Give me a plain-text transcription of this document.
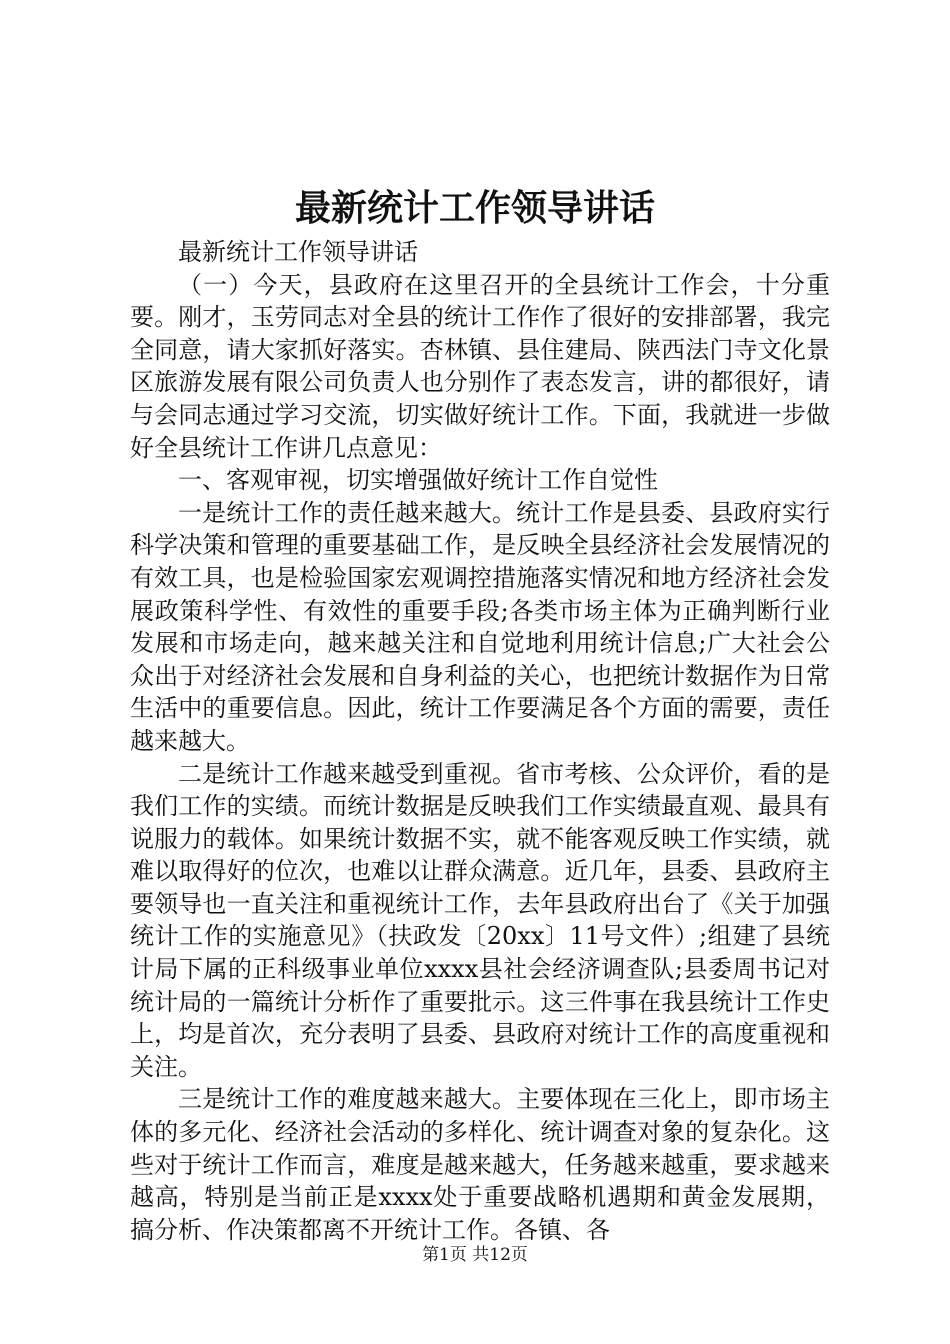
最新统计工作领导讲话

最新统计工作领导讲话

（一）今天，县政府在这里召开的全县统计工作会，十分重要。刚才，玉劳同志对全县的统计工作作了很好的安排部署，我完全同意，请大家抓好落实。杏林镇、县住建局、陕西法门寺文化景区旅游发展有限公司负责人也分别作了表态发言，讲的都很好，请与会同志通过学习交流，切实做好统计工作。下面，我就进一步做好全县统计工作讲几点意见：

一、客观审视，切实增强做好统计工作自觉性

一是统计工作的责任越来越大。统计工作是县委、县政府实行科学决策和管理的重要基础工作，是反映全县经济社会发展情况的有效工具，也是检验国家宏观调控措施落实情况和地方经济社会发展政策科学性、有效性的重要手段;各类市场主体为正确判断行业发展和市场走向，越来越关注和自觉地利用统计信息;广大社会公众出于对经济社会发展和自身利益的关心，也把统计数据作为日常生活中的重要信息。因此，统计工作要满足各个方面的需要，责任越来越大。

二是统计工作越来越受到重视。省市考核、公众评价，看的是我们工作的实绩。而统计数据是反映我们工作实绩最直观、最具有说服力的载体。如果统计数据不实，就不能客观反映工作实绩，就难以取得好的位次，也难以让群众满意。近几年，县委、县政府主要领导也一直关注和重视统计工作，去年县政府出台了《关于加强统计工作的实施意见》（扶政发〔20xx〕11号文件）;组建了县统计局下属的正科级事业单位xxxx县社会经济调查队;县委周书记对统计局的一篇统计分析作了重要批示。这三件事在我县统计工作史上，均是首次，充分表明了县委、县政府对统计工作的高度重视和关注。

三是统计工作的难度越来越大。主要体现在三化上，即市场主体的多元化、经济社会活动的多样化、统计调查对象的复杂化。这些对于统计工作而言，难度是越来越大，任务越来越重，要求越来越高，特别是当前正是xxxx处于重要战略机遇期和黄金发展期，搞分析、作决策都离不开统计工作。各镇、各

第1页 共12页
